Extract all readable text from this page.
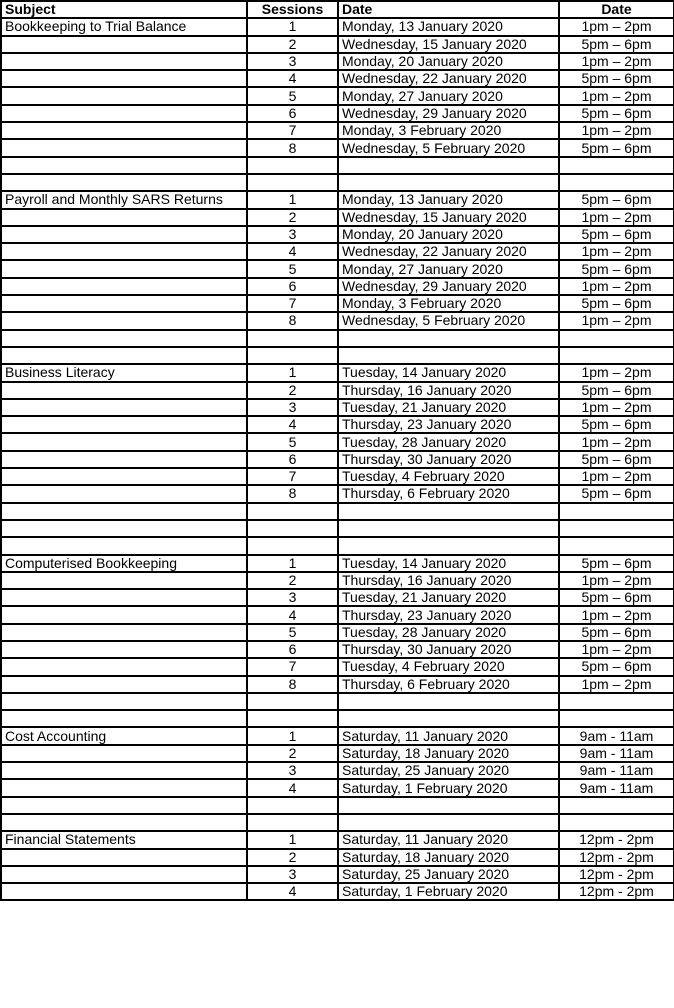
Subject	Sessions	Date	Date
Bookkeeping to Trial Balance	1	Monday, 13 January 2020	1pm – 2pm
	2	Wednesday, 15 January 2020	5pm – 6pm
	3	Monday, 20 January 2020	1pm – 2pm
	4	Wednesday, 22 January 2020	5pm – 6pm
	5	Monday, 27 January 2020	1pm – 2pm
	6	Wednesday, 29 January 2020	5pm – 6pm
	7	Monday, 3 February 2020	1pm – 2pm
	8	Wednesday, 5 February 2020	5pm – 6pm

Payroll and Monthly SARS Returns	1	Monday, 13 January 2020	5pm – 6pm
	2	Wednesday, 15 January 2020	1pm – 2pm
	3	Monday, 20 January 2020	5pm – 6pm
	4	Wednesday, 22 January 2020	1pm – 2pm
	5	Monday, 27 January 2020	5pm – 6pm
	6	Wednesday, 29 January 2020	1pm – 2pm
	7	Monday, 3 February 2020	5pm – 6pm
	8	Wednesday, 5 February 2020	1pm – 2pm

Business Literacy	1	Tuesday, 14 January 2020	1pm – 2pm
	2	Thursday, 16 January 2020	5pm – 6pm
	3	Tuesday, 21 January 2020	1pm – 2pm
	4	Thursday, 23 January 2020	5pm – 6pm
	5	Tuesday, 28 January 2020	1pm – 2pm
	6	Thursday, 30 January 2020	5pm – 6pm
	7	Tuesday, 4 February 2020	1pm – 2pm
	8	Thursday, 6 February 2020	5pm – 6pm

Computerised Bookkeeping	1	Tuesday, 14 January 2020	5pm – 6pm
	2	Thursday, 16 January 2020	1pm – 2pm
	3	Tuesday, 21 January 2020	5pm – 6pm
	4	Thursday, 23 January 2020	1pm – 2pm
	5	Tuesday, 28 January 2020	5pm – 6pm
	6	Thursday, 30 January 2020	1pm – 2pm
	7	Tuesday, 4 February 2020	5pm – 6pm
	8	Thursday, 6 February 2020	1pm – 2pm

Cost Accounting	1	Saturday, 11 January 2020	9am - 11am
	2	Saturday, 18 January 2020	9am - 11am
	3	Saturday, 25 January 2020	9am - 11am
	4	Saturday, 1 February 2020	9am - 11am

Financial Statements	1	Saturday, 11 January 2020	12pm - 2pm
	2	Saturday, 18 January 2020	12pm - 2pm
	3	Saturday, 25 January 2020	12pm - 2pm
	4	Saturday, 1 February 2020	12pm - 2pm
